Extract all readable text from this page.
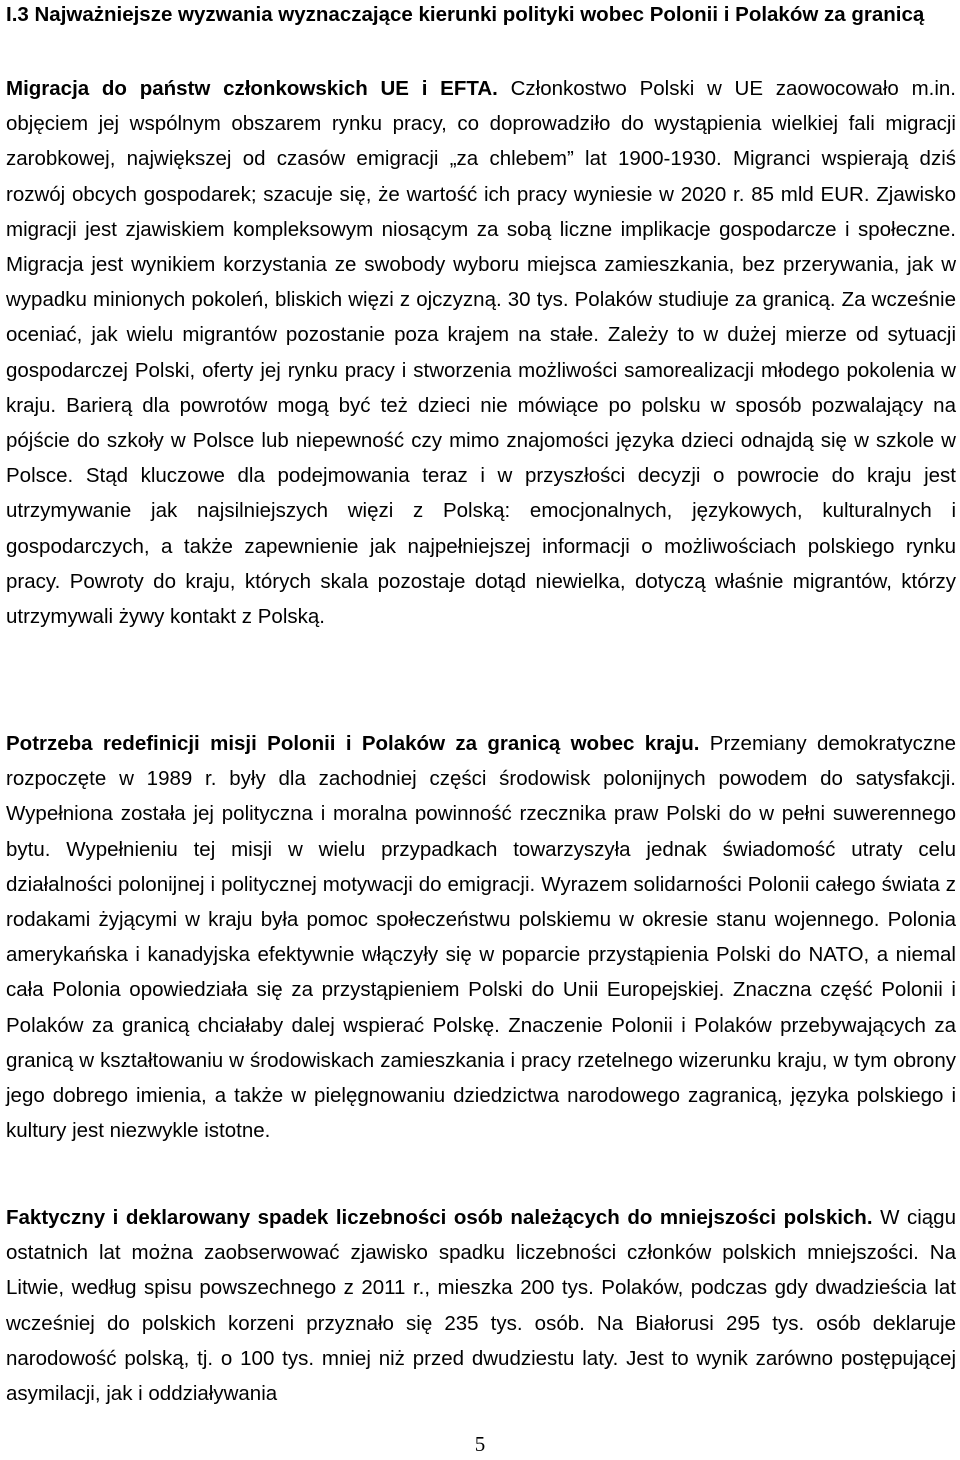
I.3 Najważniejsze wyzwania wyznaczające kierunki polityki wobec Polonii i Polaków za granicą

Migracja do państw członkowskich UE i EFTA. Członkostwo Polski w UE zaowocowało m.in. objęciem jej wspólnym obszarem rynku pracy, co doprowadziło do wystąpienia wielkiej fali migracji zarobkowej, największej od czasów emigracji „za chlebem” lat 1900-1930. Migranci wspierają dziś rozwój obcych gospodarek; szacuje się, że wartość ich pracy wyniesie w 2020 r. 85 mld EUR. Zjawisko migracji jest zjawiskiem kompleksowym niosącym za sobą liczne implikacje gospodarcze i społeczne. Migracja jest wynikiem korzystania ze swobody wyboru miejsca zamieszkania, bez przerywania, jak w wypadku minionych pokoleń, bliskich więzi z ojczyzną. 30 tys. Polaków studiuje za granicą. Za wcześnie oceniać, jak wielu migrantów pozostanie poza krajem na stałe. Zależy to w dużej mierze od sytuacji gospodarczej Polski, oferty jej rynku pracy i stworzenia możliwości samorealizacji młodego pokolenia w kraju. Barierą dla powrotów mogą być też dzieci nie mówiące po polsku w sposób pozwalający na pójście do szkoły w Polsce lub niepewność czy mimo znajomości języka dzieci odnajdą się w szkole w Polsce. Stąd kluczowe dla podejmowania teraz i w przyszłości decyzji o powrocie do kraju jest utrzymywanie jak najsilniejszych więzi z Polską: emocjonalnych, językowych, kulturalnych i gospodarczych, a także zapewnienie jak najpełniejszej informacji o możliwościach polskiego rynku pracy. Powroty do kraju, których skala pozostaje dotąd niewielka, dotyczą właśnie migrantów, którzy utrzymywali żywy kontakt z Polską.

Potrzeba redefinicji misji Polonii i Polaków za granicą wobec kraju. Przemiany demokratyczne rozpoczęte w 1989 r. były dla zachodniej części środowisk polonijnych powodem do satysfakcji. Wypełniona została jej polityczna i moralna powinność rzecznika praw Polski do w pełni suwerennego bytu. Wypełnieniu tej misji w wielu przypadkach towarzyszyła jednak świadomość utraty celu działalności polonijnej i politycznej motywacji do emigracji. Wyrazem solidarności Polonii całego świata z rodakami żyjącymi w kraju była pomoc społeczeństwu polskiemu w okresie stanu wojennego. Polonia amerykańska i kanadyjska efektywnie włączyły się w poparcie przystąpienia Polski do NATO, a niemal cała Polonia opowiedziała się za przystąpieniem Polski do Unii Europejskiej. Znaczna część Polonii i Polaków za granicą chciałaby dalej wspierać Polskę. Znaczenie Polonii i Polaków przebywających za granicą w kształtowaniu w środowiskach zamieszkania i pracy rzetelnego wizerunku kraju, w tym obrony jego dobrego imienia, a także w pielęgnowaniu dziedzictwa narodowego zagranicą, języka polskiego i kultury jest niezwykle istotne.

Faktyczny i deklarowany spadek liczebności osób należących do mniejszości polskich. W ciągu ostatnich lat można zaobserwować zjawisko spadku liczebności członków polskich mniejszości. Na Litwie, według spisu powszechnego z 2011 r., mieszka 200 tys. Polaków, podczas gdy dwadzieścia lat wcześniej do polskich korzeni przyznało się 235 tys. osób. Na Białorusi 295 tys. osób deklaruje narodowość polską, tj. o 100 tys. mniej niż przed dwudziestu laty. Jest to wynik zarówno postępującej asymilacji, jak i oddziaływania

5
